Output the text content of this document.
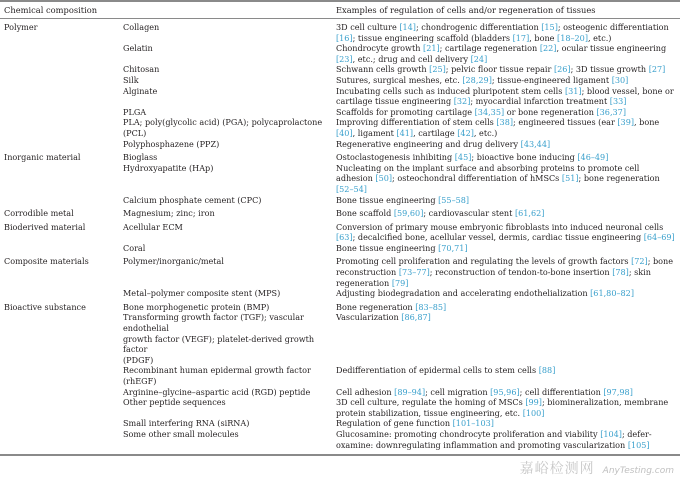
Chemical composition		Examples of regulation of cells and/or regeneration of tissues
Polymer	Collagen	3D cell culture [14]; chondrogenic differentiation [15]; osteogenic differentiation [16]; tissue engineering scaffold (bladders [17], bone [18–20], etc.)
	Gelatin	Chondrocyte growth [21]; cartilage regeneration [22], ocular tissue engineering [23], etc.; drug and cell delivery [24]
	Chitosan	Schwann cells growth [25]; pelvic floor tissue repair [26]; 3D tissue growth [27]
	Silk	Sutures, surgical meshes, etc. [28,29]; tissue-engineered ligament [30]
	Alginate	Incubating cells such as induced pluripotent stem cells [31]; blood vessel, bone or cartilage tissue engineering [32]; myocardial infarction treatment [33]
	PLGA	Scaffolds for promoting cartilage [34,35] or bone regeneration [36,37]
	PLA; poly(glycolic acid) (PGA); polycaprolactone (PCL)	Improving differentiation of stem cells [38]; engineered tissues (ear [39], bone [40], ligament [41], cartilage [42], etc.)
	Polyphosphazene (PPZ)	Regenerative engineering and drug delivery [43,44]
Inorganic material	Bioglass	Ostoclastogenesis inhibiting [45]; bioactive bone inducing [46–49]
	Hydroxyapatite (HAp)	Nucleating on the implant surface and absorbing proteins to promote cell adhesion [50]; osteochondral differentiation of hMSCs [51]; bone regeneration [52–54]
	Calcium phosphate cement (CPC)	Bone tissue engineering [55–58]
Corrodible metal	Magnesium; zinc; iron	Bone scaffold [59,60]; cardiovascular stent [61,62]
Bioderived material	Acellular ECM	Conversion of primary mouse embryonic fibroblasts into induced neuronal cells [63]; decalcified bone, acellular vessel, dermis, cardiac tissue engineering [64–69]
	Coral	Bone tissue engineering [70,71]
Composite materials	Polymer/inorganic/metal	Promoting cell proliferation and regulating the levels of growth factors [72]; bone reconstruction [73–77]; reconstruction of tendon-to-bone insertion [78]; skin regeneration [79]
	Metal–polymer composite stent (MPS)	Adjusting biodegradation and accelerating endothelialization [61,80–82]
Bioactive substance	Bone morphogenetic protein (BMP)	Bone regeneration [83–85]
	Transforming growth factor (TGF); vascular endothelial
growth factor (VEGF); platelet-derived growth factor
(PDGF)	Vascularization [86,87]
	Recombinant human epidermal growth factor (rhEGF)	Dedifferentiation of epidermal cells to stem cells [88]
	Arginine–glycine–aspartic acid (RGD) peptide	Cell adhesion [89–94]; cell migration [95,96]; cell differentiation [97,98]
	Other peptide sequences	3D cell culture, regulate the homing of MSCs [99]; biomineralization, membrane protein stabilization, tissue engineering, etc. [100]
	Small interfering RNA (siRNA)	Regulation of gene function [101–103]
	Some other small molecules	Glucosamine: promoting chondrocyte proliferation and viability [104]; defer- oxamine: downregulating inflammation and promoting vascularization [105]
嘉峪检测网 AnyTesting.com
